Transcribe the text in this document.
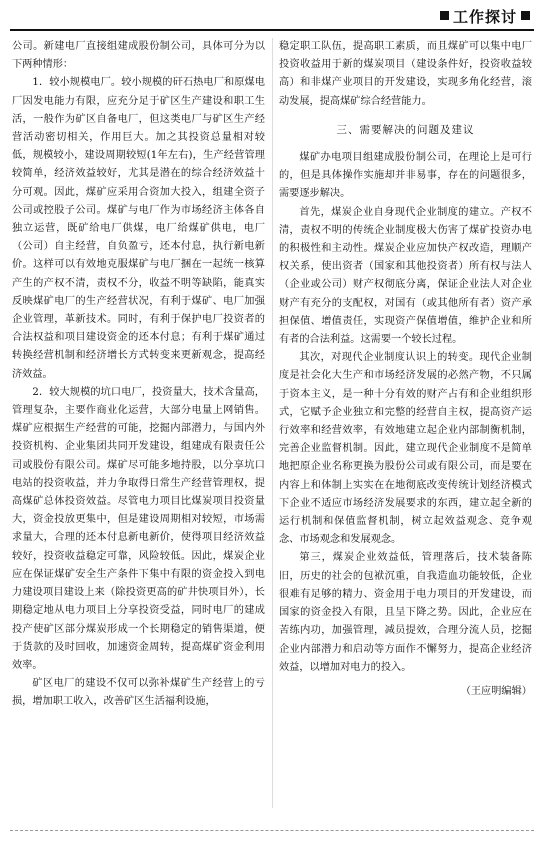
工作探讨

公司。新建电厂直接组建成股份制公司，具体可分为以下两种情形：

1．较小规模电厂。较小规模的矸石热电厂和原煤电厂因发电能力有限，应充分足于矿区生产建设和职工生活，一般作为矿区自备电厂，但这类电厂与矿区生产经营活动密切相关，作用巨大。加之其投资总量相对较低，规模较小，建设周期较短(1年左右)，生产经营管理较简单，经济效益较好，尤其是潜在的综合经济效益十分可观。因此，煤矿应采用合资加大投入，组建全资子公司或控股子公司。煤矿与电厂作为市场经济主体各自独立运营，既矿给电厂供煤，电厂给煤矿供电，电厂（公司）自主经营，自负盈亏，还本付息，执行新电新价。这样可以有效地克服煤矿与电厂捆在一起统一核算产生的产权不清，责权不分，收益不明等缺陷，能真实反映煤矿电厂的生产经营状况，有利于煤矿、电厂加强企业管理，革新技术。同时，有利于保护电厂投资者的合法权益和项目建设资金的还本付息；有利于煤矿通过转换经营机制和经济增长方式转变来更新观念，提高经济效益。

2．较大规模的坑口电厂，投资量大，技术含量高，管理复杂，主要作商业化运营，大部分电量上网销售。煤矿应根据生产经营的可能，挖掘内部潜力，与国内外投资机构、企业集团共同开发建设，组建成有限责任公司或股份有限公司。煤矿尽可能多地持股，以分享坑口电站的投资收益，并力争取得日常生产经营管理权，提高煤矿总体投资效益。尽管电力项目比煤炭项目投资量大，资金投放更集中，但是建设周期相对较短，市场需求量大，合理的还本付息新电新价，使得项目经济效益较好，投资收益稳定可靠，风险较低。因此，煤炭企业应在保证煤矿安全生产条件下集中有限的资金投入到电力建设项目建设上来（除投资更高的矿井快项目外），长期稳定地从电力项目上分享投资受益，同时电厂的建成投产使矿区部分煤炭形成一个长期稳定的销售渠道，便于货款的及时回收，加速资金周转，提高煤矿资金利用效率。

矿区电厂的建设不仅可以弥补煤矿生产经营上的亏损，增加职工收入，改善矿区生活福利设施，

稳定职工队伍，提高职工素质，而且煤矿可以集中电厂投资收益用于新的煤炭项目（建设条件好，投资收益较高）和非煤产业项目的开发建设，实现多角化经营，滚动发展，提高煤矿综合经营能力。

三、需要解决的问题及建议

煤矿办电项目组建成股份制公司，在理论上是可行的，但是具体操作实施却并非易事，存在的问题很多，需要逐步解决。

首先，煤炭企业自身现代企业制度的建立。产权不清，责权不明的传统企业制度极大伤害了煤矿投资办电的积极性和主动性。煤炭企业应加快产权改造，理顺产权关系，使出资者（国家和其他投资者）所有权与法人（企业或公司）财产权彻底分离，保证企业法人对企业财产有充分的支配权，对国有（或其他所有者）资产承担保值、增值责任，实现资产保值增值，维护企业和所有者的合法利益。这需要一个较长过程。

其次，对现代企业制度认识上的转变。现代企业制度是社会化大生产和市场经济发展的必然产物，不只属于资本主义，是一种十分有效的财产占有和企业组织形式，它赋予企业独立和完整的经营自主权，提高资产运行效率和经营效率，有效地建立起企业内部制衡机制，完善企业监督机制。因此，建立现代企业制度不是简单地把原企业名称更换为股份公司或有限公司，而是要在内容上和体制上实实在在地彻底改变传统计划经济模式下企业不适应市场经济发展要求的东西，建立起全新的运行机制和保值监督机制，树立起效益观念、竞争观念、市场观念和发展观念。

第三，煤炭企业效益低，管理落后，技术装备陈旧，历史的社会的包袱沉重，自我造血功能较低，企业很难有足够的精力、资金用于电力项目的开发建设，而国家的资金投入有限，且呈下降之势。因此，企业应在苦练内功，加强管理，减员提效，合理分流人员，挖掘企业内部潜力和启动等方面作不懈努力，提高企业经济效益，以增加对电力的投入。

（王应明编辑）
